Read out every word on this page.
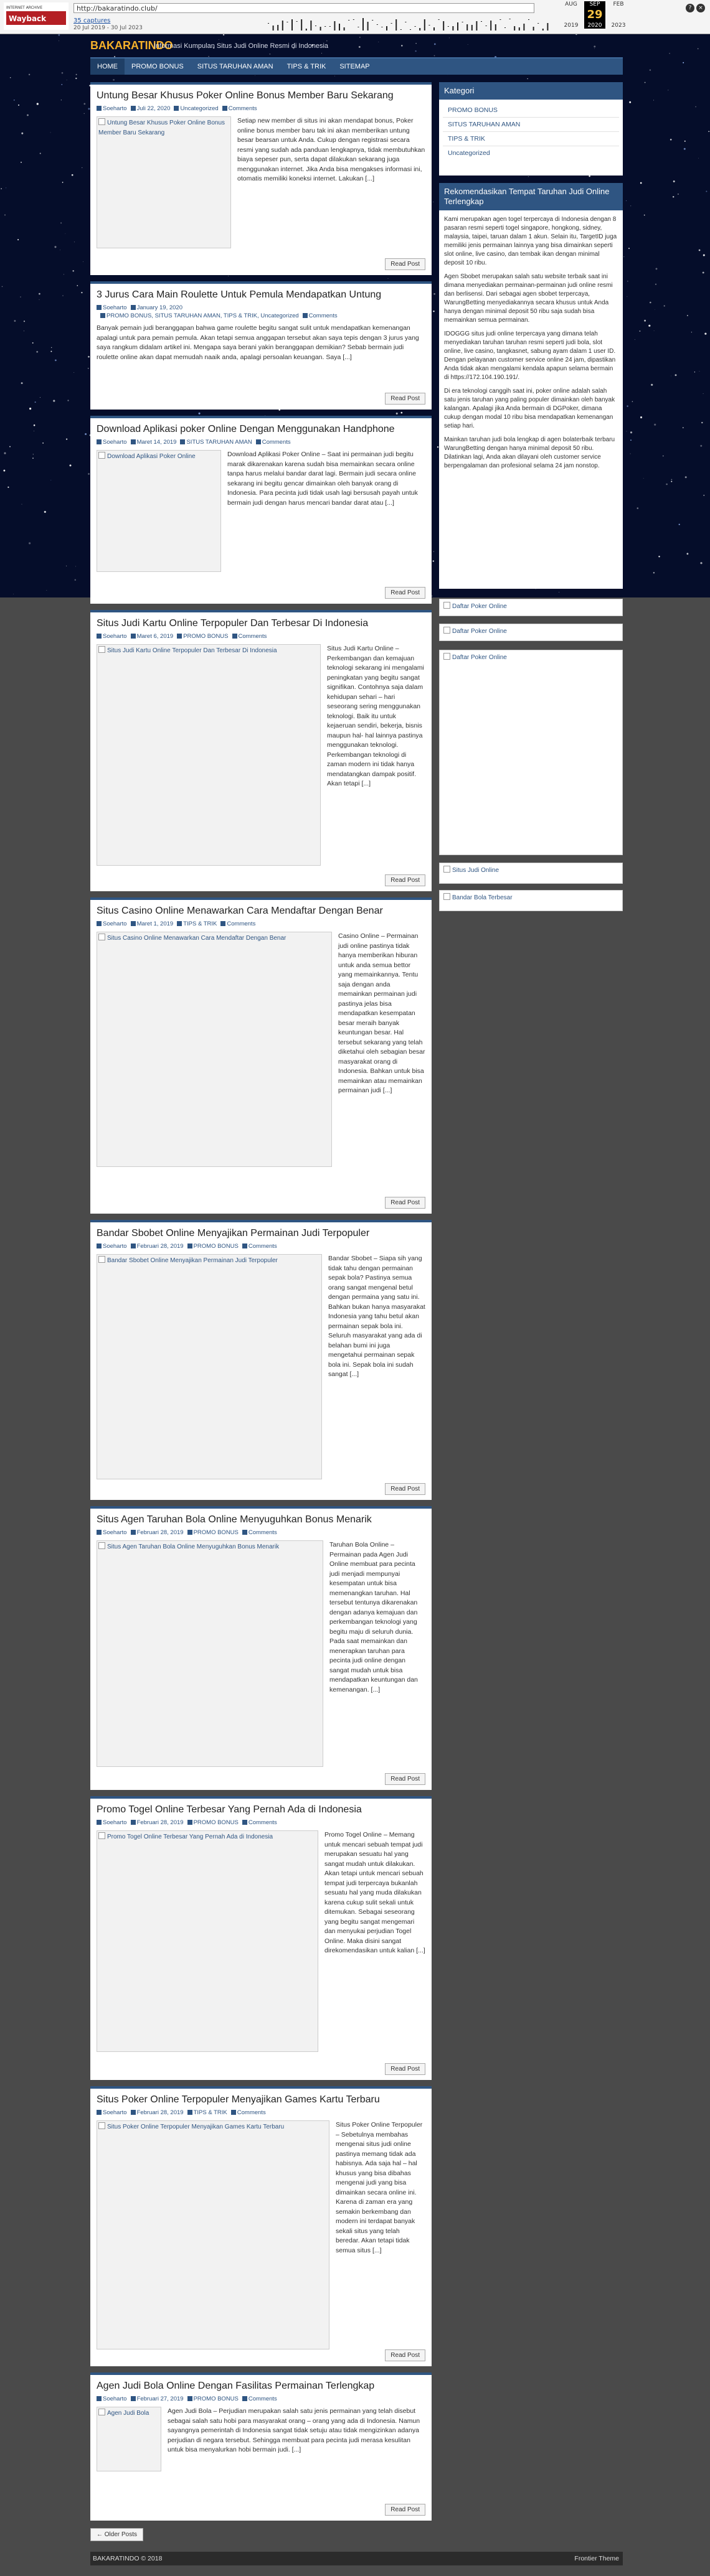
INTERNET ARCHIVE
Wayback
http://bakaratindo.club/
35 captures
20 Jul 2019 - 30 Jul 2023
AUG

2019
SEP
29
2020
FEB

2023
? ×
BAKARATINDO
Informasi Kumpulan Situs Judi Online Resmi di Indonesia
HOME	PROMO BONUS	SITUS TARUHAN AMAN	TIPS & TRIK	SITEMAP
Untung Besar Khusus Poker Online Bonus Member Baru Sekarang
Soeharto Juli 22, 2020 Uncategorized Comments
Untung Besar Khusus Poker Online Bonus Member Baru Sekarang
Setiap new member di situs ini akan mendapat bonus, Poker online bonus member baru tak ini akan memberikan untung besar bearsan untuk Anda. Cukup dengan registrasi secara resmi yang sudah ada panduan lengkapnya, tidak membutuhkan biaya sepeser pun, serta dapat dilakukan sekarang juga menggunakan internet. Jika Anda bisa mengakses informasi ini, otomatis memiliki koneksi internet. Lakukan [...]
Read Post
3 Jurus Cara Main Roulette Untuk Pemula Mendapatkan Untung
Soeharto January 19, 2020
PROMO BONUS, SITUS TARUHAN AMAN, TIPS & TRIK, Uncategorized Comments
Banyak pemain judi beranggapan bahwa game roulette begitu sangat sulit untuk mendapatkan kemenangan apalagi untuk para pemain pemula. Akan tetapi semua anggapan tersebut akan saya tepis dengan 3 jurus yang saya rangkum didalam artikel ini. Mengapa saya berani yakin beranggapan demikian? Sebab bermain judi roulette online akan dapat memudah naaik anda, apalagi persoalan keuangan. Saya [...]
Read Post
Download Aplikasi poker Online Dengan Menggunakan Handphone
Soeharto Maret 14, 2019 SITUS TARUHAN AMAN Comments
Download Aplikasi Poker Online	Download Aplikasi Poker Online – Saat ini permainan judi begitu marak dikarenakan karena sudah bisa memainkan secara online tanpa harus melalui bandar darat lagi. Bermain judi secara online sekarang ini begitu gencar dimainkan oleh banyak orang di Indonesia. Para pecinta judi tidak usah lagi bersusah payah untuk bermain judi dengan harus mencari bandar darat atau [...]
Read Post
Situs Judi Kartu Online Terpopuler Dan Terbesar Di Indonesia
Soeharto Maret 6, 2019 PROMO BONUS Comments
Situs Judi Kartu Online Terpopuler Dan Terbesar Di Indonesia	Situs Judi Kartu Online – Perkembangan dan kemajuan teknologi sekarang ini mengalami peningkatan yang begitu sangat signifikan. Contohnya saja dalam kehidupan sehari – hari seseorang sering menggunakan teknologi. Baik itu untuk kejaeruan sendiri, bekerja, bisnis maupun hal- hal lainnya pastinya menggunakan teknologi. Perkembangan teknologi di zaman modern ini tidak hanya mendatangkan dampak positif. Akan tetapi [...]
Read Post
Situs Casino Online Menawarkan Cara Mendaftar Dengan Benar
Soeharto Maret 1, 2019 TIPS & TRIK Comments
Situs Casino Online Menawarkan Cara Mendaftar Dengan Benar	Casino Online – Permainan judi online pastinya tidak hanya memberikan hiburan untuk anda semua bettor yang memainkannya. Tentu saja dengan anda memainkan permainan judi pastinya jelas bisa mendapatkan kesempatan besar meraih banyak keuntungan besar. Hal tersebut sekarang yang telah diketahui oleh sebagian besar masyarakat orang di Indonesia. Bahkan untuk bisa memainkan atau memainkan permainan judi [...]
Read Post
Bandar Sbobet Online Menyajikan Permainan Judi Terpopuler
Soeharto Februari 28, 2019 PROMO BONUS Comments
Bandar Sbobet Online Menyajikan Permainan Judi Terpopuler	Bandar Sbobet – Siapa sih yang tidak tahu dengan permainan sepak bola? Pastinya semua orang sangat mengenal betul dengan permaina yang satu ini. Bahkan bukan hanya masyarakat Indonesia yang tahu betul akan permainan sepak bola ini. Seluruh masyarakat yang ada di belahan bumi ini juga mengetahui permainan sepak bola ini. Sepak bola ini sudah sangat [...]
Read Post
Situs Agen Taruhan Bola Online Menyuguhkan Bonus Menarik
Soeharto Februari 28, 2019 PROMO BONUS Comments
Situs Agen Taruhan Bola Online Menyuguhkan Bonus Menarik	Taruhan Bola Online – Permainan pada Agen Judi Online membuat para pecinta judi menjadi mempunyai kesempatan untuk bisa memenangkan taruhan. Hal tersebut tentunya dikarenakan dengan adanya kemajuan dan perkembangan teknologi yang begitu maju di seluruh dunia. Pada saat memainkan dan menerapkan taruhan para pecinta judi online dengan sangat mudah untuk bisa mendapatkan keuntungan dan kemenangan. [...]
Read Post
Promo Togel Online Terbesar Yang Pernah Ada di Indonesia
Soeharto Februari 28, 2019 PROMO BONUS Comments
Promo Togel Online Terbesar Yang Pernah Ada di Indonesia	Promo Togel Online – Memang untuk mencari sebuah tempat judi merupakan sesuatu hal yang sangat mudah untuk dilakukan. Akan tetapi untuk mencari sebuah tempat judi terpercaya bukanlah sesuatu hal yang muda dilakukan karena cukup sulit sekali untuk ditemukan. Sebagai seseorang yang begitu sangat mengemari dan menyukai perjudian Togel Online. Maka disini sangat direkomendasikan untuk kalian [...]
Read Post
Situs Poker Online Terpopuler Menyajikan Games Kartu Terbaru
Soeharto Februari 28, 2019 TIPS & TRIK Comments
Situs Poker Online Terpopuler Menyajikan Games Kartu Terbaru	Situs Poker Online Terpopuler – Sebetulnya membahas mengenai situs judi online pastinya memang tidak ada habisnya. Ada saja hal – hal khusus yang bisa dibahas mengenai judi yang bisa dimainkan secara online ini. Karena di zaman era yang semakin berkembang dan modern ini terdapat banyak sekali situs yang telah beredar. Akan tetapi tidak semua situs [...]
Read Post
Agen Judi Bola Online Dengan Fasilitas Permainan Terlengkap
Soeharto Februari 27, 2019 PROMO BONUS Comments
Agen Judi Bola	Agen Judi Bola – Perjudian merupakan salah satu jenis permainan yang telah disebut sebagai salah satu hobi para masyarakat orang – orang yang ada di Indonesia. Namun sayangnya pemerintah di Indonesia sangat tidak setuju atau tidak mengizinkan adanya perjudian di negara tersebut. Sehingga membuat para pecinta judi merasa kesulitan untuk bisa menyalurkan hobi bermain judi. [...]
Read Post
Kategori
PROMO BONUS
SITUS TARUHAN AMAN
TIPS & TRIK
Uncategorized
Rekomendasikan Tempat Taruhan Judi Online Terlengkap

Kami merupakan agen togel terpercaya di Indonesia dengan 8 pasaran resmi seperti togel singapore, hongkong, sidney, malaysia, taipei, taruan dalam 1 akun. Selain itu, TargetID juga memiliki jenis permainan lainnya yang bisa dimainkan seperti slot online, live casino, dan tembak ikan dengan minimal deposit 10 ribu.

Agen Sbobet merupakan salah satu website terbaik saat ini dimana menyediakan permainan-permainan judi online resmi dan berlisensi. Dari sebagai agen sbobet terpercaya, WarungBetting menyediakannya secara khusus untuk Anda hanya dengan minimal deposit 50 ribu saja sudah bisa memainkan semua permainan.

IDOGGG situs judi online terpercaya yang dimana telah menyediakan taruhan taruhan resmi seperti judi bola, slot online, live casino, tangkasnet, sabung ayam dalam 1 user ID. Dengan pelayanan customer service online 24 jam, dipastikan Anda tidak akan mengalami kendala apapun selama bermain di https://172.104.190.191/.

Di era teknologi canggih saat ini, poker online adalah salah satu jenis taruhan yang paling populer dimainkan oleh banyak kalangan. Apalagi jika Anda bermain di DGPoker, dimana cukup dengan modal 10 ribu bisa mendapatkan kemenangan setiap hari.

Mainkan taruhan judi bola lengkap di agen bolaterbaik terbaru WarungBetting dengan hanya minimal deposit 50 ribu. Dilatinkan lagi, Anda akan dilayani oleh customer service berpengalaman dan profesional selama 24 jam nonstop.

Daftar Poker Online
Daftar Poker Online
Daftar Poker Online
Situs Judi Online
Bandar Bola Terbesar
← Older Posts
BAKARATINDO © 2018	Frontier Theme
